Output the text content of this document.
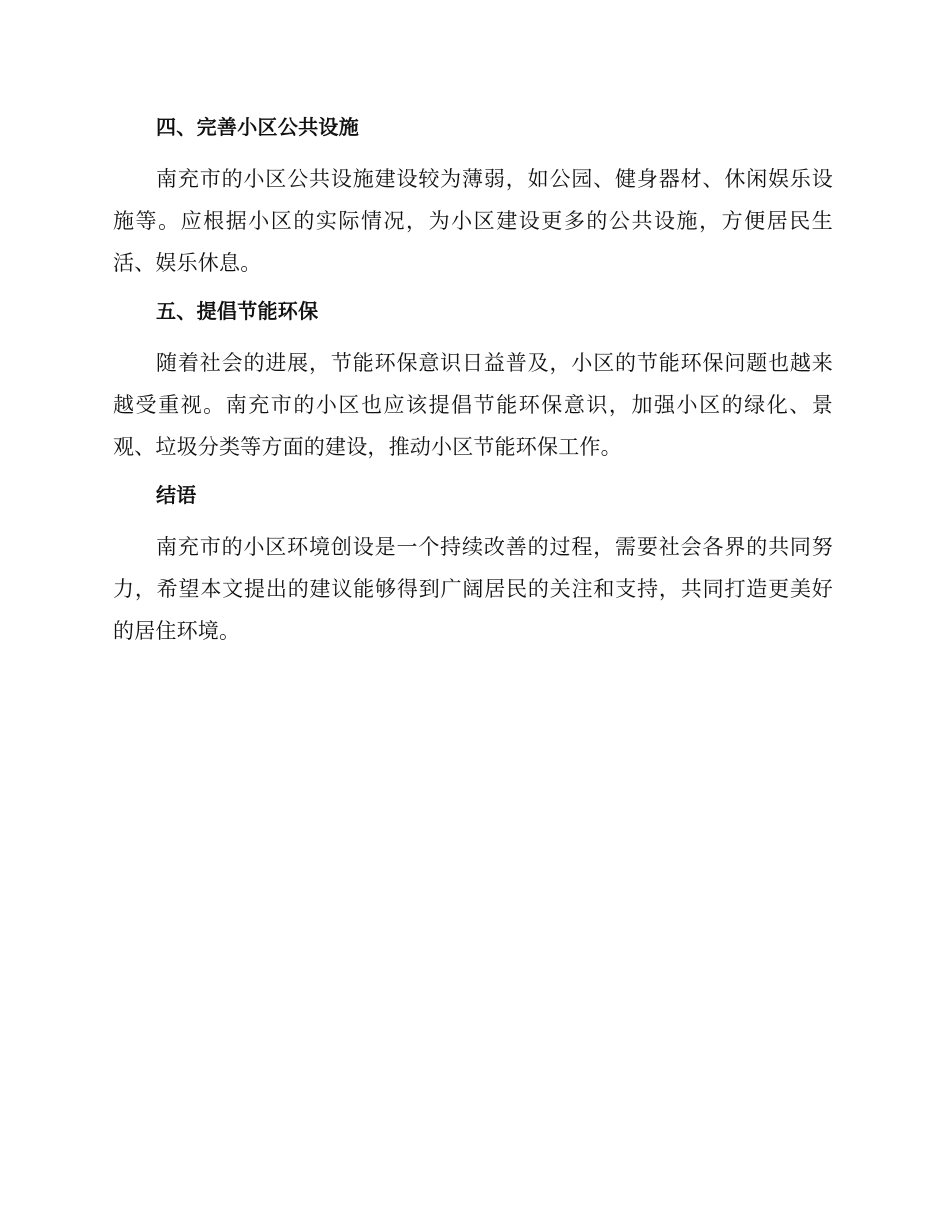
四、完善小区公共设施

南充市的小区公共设施建设较为薄弱，如公园、健身器材、休闲娱乐设施等。应根据小区的实际情况，为小区建设更多的公共设施，方便居民生活、娱乐休息。

五、提倡节能环保

随着社会的进展，节能环保意识日益普及，小区的节能环保问题也越来越受重视。南充市的小区也应该提倡节能环保意识，加强小区的绿化、景观、垃圾分类等方面的建设，推动小区节能环保工作。

结语

南充市的小区环境创设是一个持续改善的过程，需要社会各界的共同努力，希望本文提出的建议能够得到广阔居民的关注和支持，共同打造更美好的居住环境。
